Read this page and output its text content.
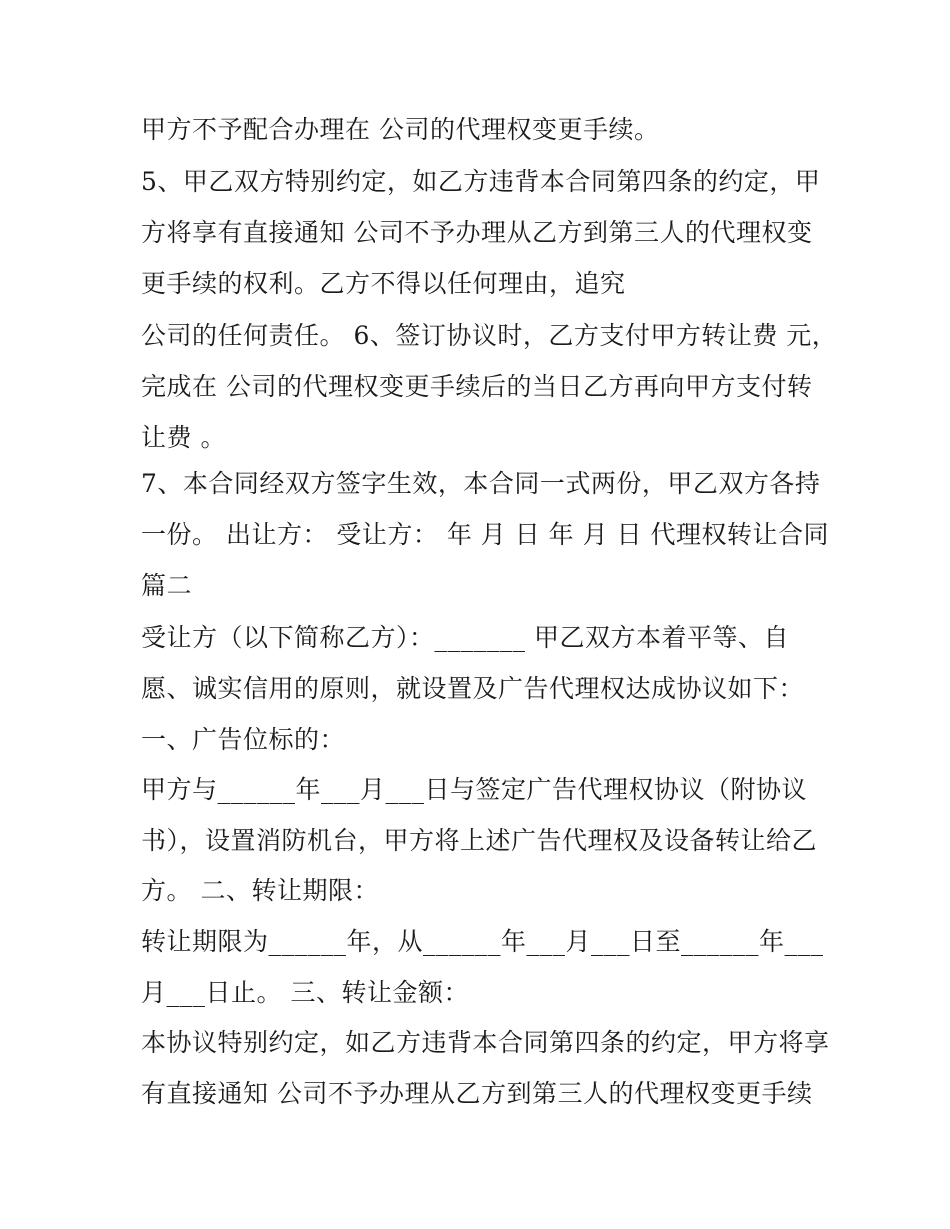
甲方不予配合办理在 公司的代理权变更手续。
5、甲乙双方特别约定，如乙方违背本合同第四条的约定，甲
方将享有直接通知 公司不予办理从乙方到第三人的代理权变
更手续的权利。乙方不得以任何理由，追究
公司的任何责任。 6、签订协议时，乙方支付甲方转让费 元，
完成在 公司的代理权变更手续后的当日乙方再向甲方支付转
让费 。
7、本合同经双方签字生效，本合同一式两份，甲乙双方各持
一份。 出让方： 受让方： 年 月 日 年 月 日 代理权转让合同
篇二
受让方（以下简称乙方）：_______ 甲乙双方本着平等、自
愿、诚实信用的原则，就设置及广告代理权达成协议如下：
一、广告位标的：
甲方与______年___月___日与签定广告代理权协议（附协议
书），设置消防机台，甲方将上述广告代理权及设备转让给乙
方。 二、转让期限：
转让期限为______年，从______年___月___日至______年___
月___日止。 三、转让金额：
本协议特别约定，如乙方违背本合同第四条的约定，甲方将享
有直接通知 公司不予办理从乙方到第三人的代理权变更手续
